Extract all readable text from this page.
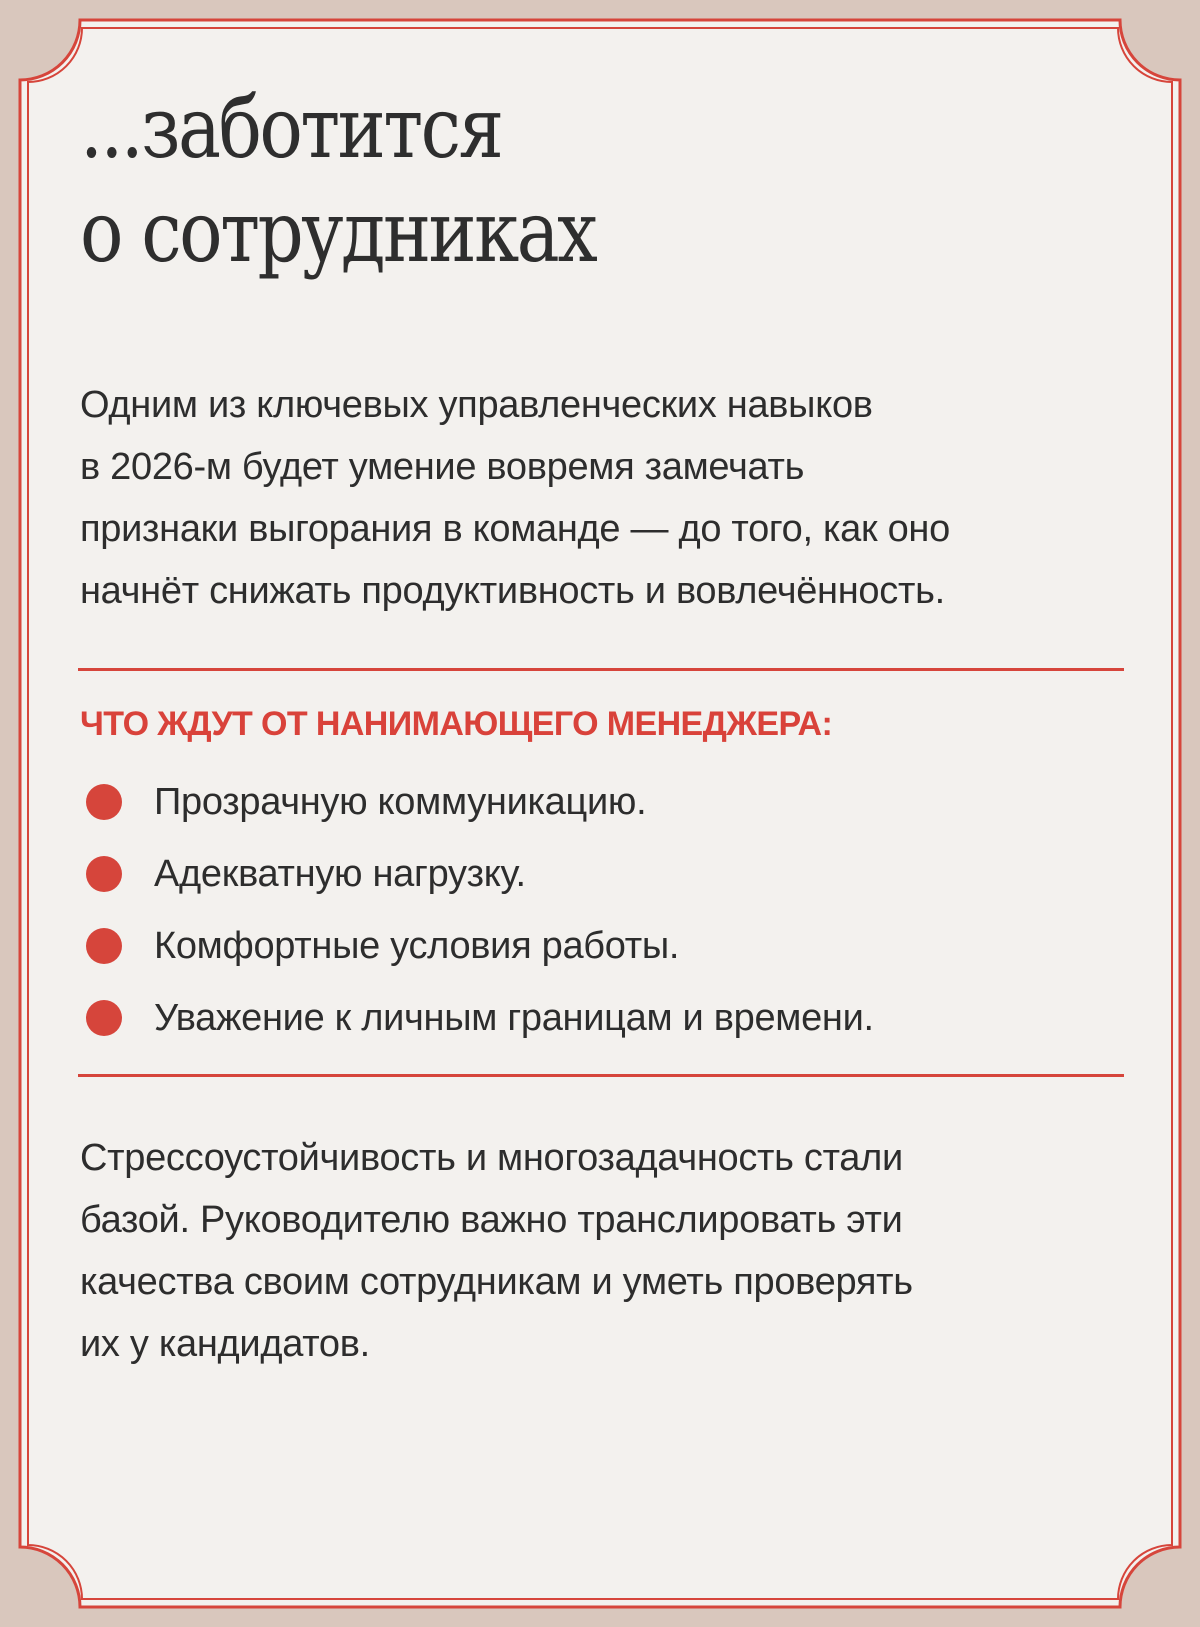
...заботится
о сотрудниках

Одним из ключевых управленческих навыков
в 2026-м будет умение вовремя замечать
признаки выгорания в команде — до того, как оно
начнёт снижать продуктивность и вовлечённость.

ЧТО ЖДУТ ОТ НАНИМАЮЩЕГО МЕНЕДЖЕРА:
Прозрачную коммуникацию.
Адекватную нагрузку.
Комфортные условия работы.
Уважение к личным границам и времени.

Стрессоустойчивость и многозадачность стали
базой. Руководителю важно транслировать эти
качества своим сотрудникам и уметь проверять
их у кандидатов.
